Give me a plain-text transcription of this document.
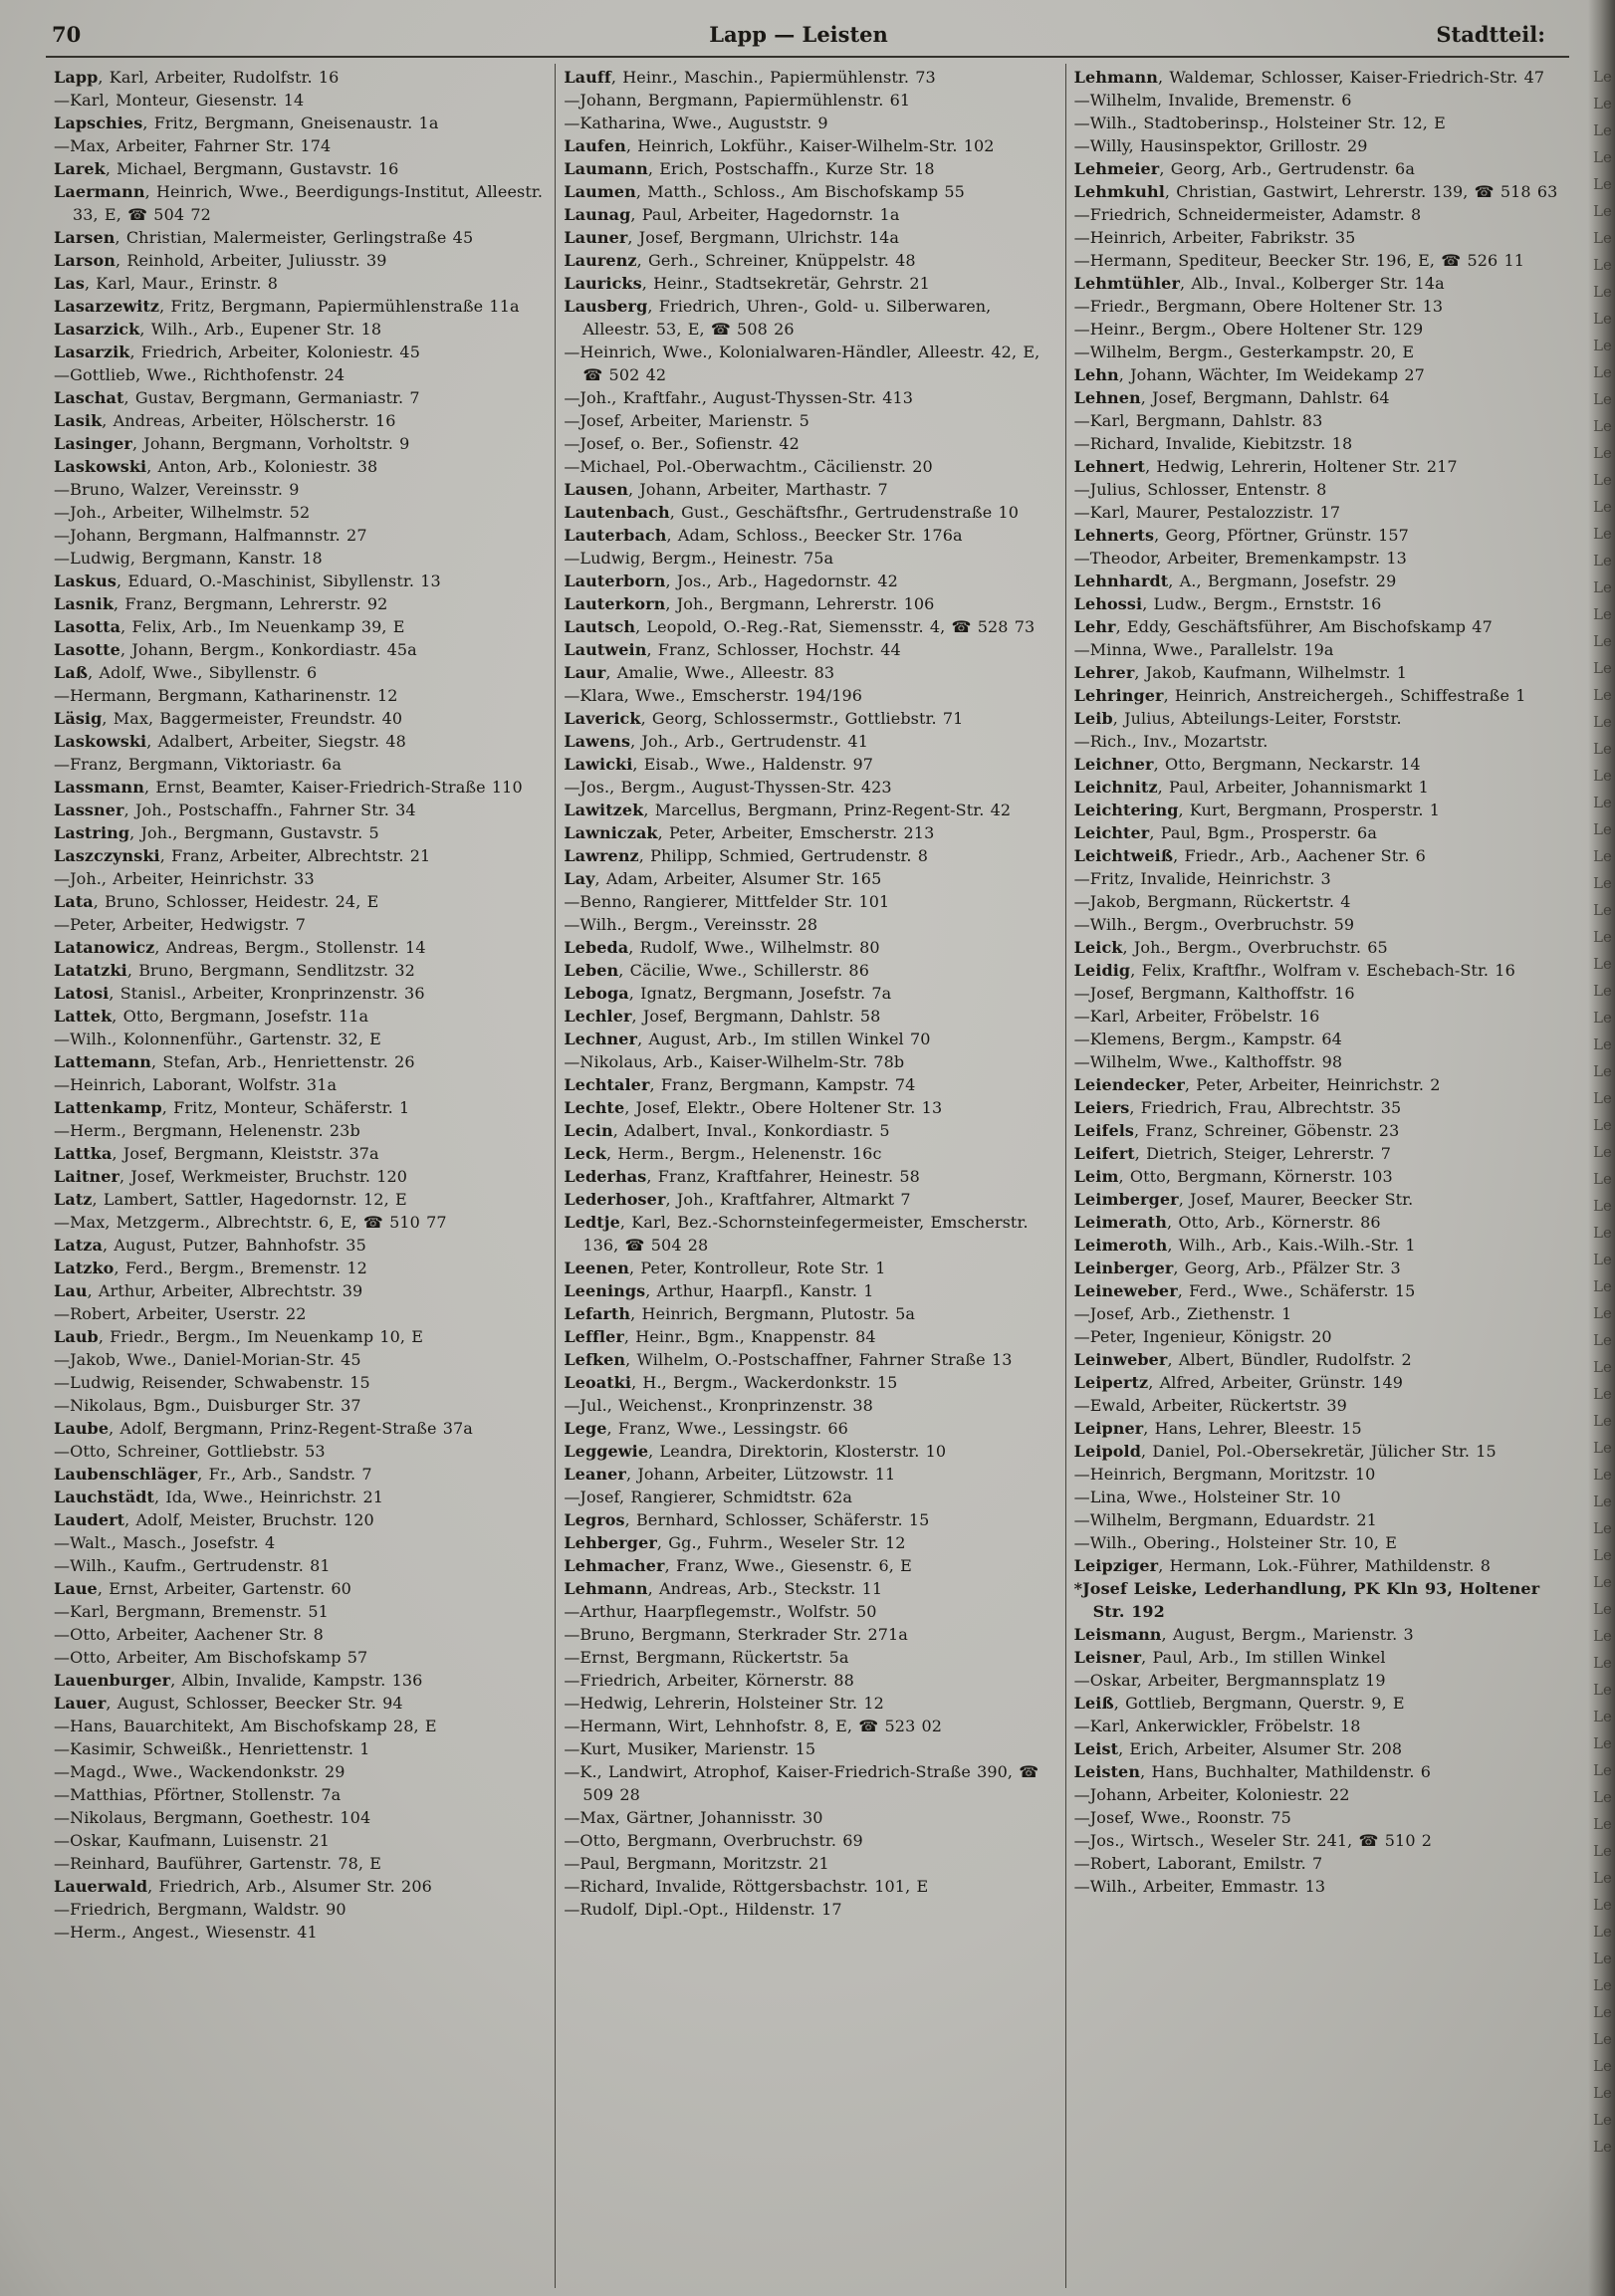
70	Lapp — Leisten	Stadtteil:

Lapp, Karl, Arbeiter, Rudolfstr. 16

—Karl, Monteur, Giesenstr. 14

Lapschies, Fritz, Bergmann, Gneisenaustr. 1a

—Max, Arbeiter, Fahrner Str. 174

Larek, Michael, Bergmann, Gustavstr. 16

Laermann, Heinrich, Wwe., Beerdigungs-Institut, Alleestr. 33, E, ☎ 504 72

Larsen, Christian, Malermeister, Gerlingstraße 45

Larson, Reinhold, Arbeiter, Juliusstr. 39

Las, Karl, Maur., Erinstr. 8

Lasarzewitz, Fritz, Bergmann, Papiermühlenstraße 11a

Lasarzick, Wilh., Arb., Eupener Str. 18

Lasarzik, Friedrich, Arbeiter, Koloniestr. 45

—Gottlieb, Wwe., Richthofenstr. 24

Laschat, Gustav, Bergmann, Germaniastr. 7

Lasik, Andreas, Arbeiter, Hölscherstr. 16

Lasinger, Johann, Bergmann, Vorholtstr. 9

Laskowski, Anton, Arb., Koloniestr. 38

—Bruno, Walzer, Vereinsstr. 9

—Joh., Arbeiter, Wilhelmstr. 52

—Johann, Bergmann, Halfmannstr. 27

—Ludwig, Bergmann, Kanstr. 18

Laskus, Eduard, O.-Maschinist, Sibyllenstr. 13

Lasnik, Franz, Bergmann, Lehrerstr. 92

Lasotta, Felix, Arb., Im Neuenkamp 39, E

Lasotte, Johann, Bergm., Konkordiastr. 45a

Laß, Adolf, Wwe., Sibyllenstr. 6

—Hermann, Bergmann, Katharinenstr. 12

Läsig, Max, Baggermeister, Freundstr. 40

Laskowski, Adalbert, Arbeiter, Siegstr. 48

—Franz, Bergmann, Viktoriastr. 6a

Lassmann, Ernst, Beamter, Kaiser-Friedrich-Straße 110

Lassner, Joh., Postschaffn., Fahrner Str. 34

Lastring, Joh., Bergmann, Gustavstr. 5

Laszczynski, Franz, Arbeiter, Albrechtstr. 21

—Joh., Arbeiter, Heinrichstr. 33

Lata, Bruno, Schlosser, Heidestr. 24, E

—Peter, Arbeiter, Hedwigstr. 7

Latanowicz, Andreas, Bergm., Stollenstr. 14

Latatzki, Bruno, Bergmann, Sendlitzstr. 32

Latosi, Stanisl., Arbeiter, Kronprinzenstr. 36

Lattek, Otto, Bergmann, Josefstr. 11a

—Wilh., Kolonnenführ., Gartenstr. 32, E

Lattemann, Stefan, Arb., Henriettenstr. 26

—Heinrich, Laborant, Wolfstr. 31a

Lattenkamp, Fritz, Monteur, Schäferstr. 1

—Herm., Bergmann, Helenenstr. 23b

Lattka, Josef, Bergmann, Kleiststr. 37a

Laitner, Josef, Werkmeister, Bruchstr. 120

Latz, Lambert, Sattler, Hagedornstr. 12, E

—Max, Metzgerm., Albrechtstr. 6, E, ☎ 510 77

Latza, August, Putzer, Bahnhofstr. 35

Latzko, Ferd., Bergm., Bremenstr. 12

Lau, Arthur, Arbeiter, Albrechtstr. 39

—Robert, Arbeiter, Userstr. 22

Laub, Friedr., Bergm., Im Neuenkamp 10, E

—Jakob, Wwe., Daniel-Morian-Str. 45

—Ludwig, Reisender, Schwabenstr. 15

—Nikolaus, Bgm., Duisburger Str. 37

Laube, Adolf, Bergmann, Prinz-Regent-Straße 37a

—Otto, Schreiner, Gottliebstr. 53

Laubenschläger, Fr., Arb., Sandstr. 7

Lauchstädt, Ida, Wwe., Heinrichstr. 21

Laudert, Adolf, Meister, Bruchstr. 120

—Walt., Masch., Josefstr. 4

—Wilh., Kaufm., Gertrudenstr. 81

Laue, Ernst, Arbeiter, Gartenstr. 60

—Karl, Bergmann, Bremenstr. 51

—Otto, Arbeiter, Aachener Str. 8

—Otto, Arbeiter, Am Bischofskamp 57

Lauenburger, Albin, Invalide, Kampstr. 136

Lauer, August, Schlosser, Beecker Str. 94

—Hans, Bauarchitekt, Am Bischofskamp 28, E

—Kasimir, Schweißk., Henriettenstr. 1

—Magd., Wwe., Wackendonkstr. 29

—Matthias, Pförtner, Stollenstr. 7a

—Nikolaus, Bergmann, Goethestr. 104

—Oskar, Kaufmann, Luisenstr. 21

—Reinhard, Bauführer, Gartenstr. 78, E

Lauerwald, Friedrich, Arb., Alsumer Str. 206

—Friedrich, Bergmann, Waldstr. 90

—Herm., Angest., Wiesenstr. 41

Lauff, Heinr., Maschin., Papiermühlenstr. 73

—Johann, Bergmann, Papiermühlenstr. 61

—Katharina, Wwe., Auguststr. 9

Laufen, Heinrich, Lokführ., Kaiser-Wilhelm-Str. 102

Laumann, Erich, Postschaffn., Kurze Str. 18

Laumen, Matth., Schloss., Am Bischofskamp 55

Launag, Paul, Arbeiter, Hagedornstr. 1a

Launer, Josef, Bergmann, Ulrichstr. 14a

Laurenz, Gerh., Schreiner, Knüppelstr. 48

Lauricks, Heinr., Stadtsekretär, Gehrstr. 21

Lausberg, Friedrich, Uhren-, Gold- u. Silberwaren, Alleestr. 53, E, ☎ 508 26

—Heinrich, Wwe., Kolonialwaren-Händler, Alleestr. 42, E, ☎ 502 42

—Joh., Kraftfahr., August-Thyssen-Str. 413

—Josef, Arbeiter, Marienstr. 5

—Josef, o. Ber., Sofienstr. 42

—Michael, Pol.-Oberwachtm., Cäcilienstr. 20

Lausen, Johann, Arbeiter, Marthastr. 7

Lautenbach, Gust., Geschäftsfhr., Gertrudenstraße 10

Lauterbach, Adam, Schloss., Beecker Str. 176a

—Ludwig, Bergm., Heinestr. 75a

Lauterborn, Jos., Arb., Hagedornstr. 42

Lauterkorn, Joh., Bergmann, Lehrerstr. 106

Lautsch, Leopold, O.-Reg.-Rat, Siemensstr. 4, ☎ 528 73

Lautwein, Franz, Schlosser, Hochstr. 44

Laur, Amalie, Wwe., Alleestr. 83

—Klara, Wwe., Emscherstr. 194/196

Laverick, Georg, Schlossermstr., Gottliebstr. 71

Lawens, Joh., Arb., Gertrudenstr. 41

Lawicki, Eisab., Wwe., Haldenstr. 97

—Jos., Bergm., August-Thyssen-Str. 423

Lawitzek, Marcellus, Bergmann, Prinz-Regent-Str. 42

Lawniczak, Peter, Arbeiter, Emscherstr. 213

Lawrenz, Philipp, Schmied, Gertrudenstr. 8

Lay, Adam, Arbeiter, Alsumer Str. 165

—Benno, Rangierer, Mittfelder Str. 101

—Wilh., Bergm., Vereinsstr. 28

Lebeda, Rudolf, Wwe., Wilhelmstr. 80

Leben, Cäcilie, Wwe., Schillerstr. 86

Leboga, Ignatz, Bergmann, Josefstr. 7a

Lechler, Josef, Bergmann, Dahlstr. 58

Lechner, August, Arb., Im stillen Winkel 70

—Nikolaus, Arb., Kaiser-Wilhelm-Str. 78b

Lechtaler, Franz, Bergmann, Kampstr. 74

Lechte, Josef, Elektr., Obere Holtener Str. 13

Lecin, Adalbert, Inval., Konkordiastr. 5

Leck, Herm., Bergm., Helenenstr. 16c

Lederhas, Franz, Kraftfahrer, Heinestr. 58

Lederhoser, Joh., Kraftfahrer, Altmarkt 7

Ledtje, Karl, Bez.-Schornsteinfegermeister, Emscherstr. 136, ☎ 504 28

Leenen, Peter, Kontrolleur, Rote Str. 1

Leenings, Arthur, Haarpfl., Kanstr. 1

Lefarth, Heinrich, Bergmann, Plutostr. 5a

Leffler, Heinr., Bgm., Knappenstr. 84

Lefken, Wilhelm, O.-Postschaffner, Fahrner Straße 13

Leoatki, H., Bergm., Wackerdonkstr. 15

—Jul., Weichenst., Kronprinzenstr. 38

Lege, Franz, Wwe., Lessingstr. 66

Leggewie, Leandra, Direktorin, Klosterstr. 10

Leaner, Johann, Arbeiter, Lützowstr. 11

—Josef, Rangierer, Schmidtstr. 62a

Legros, Bernhard, Schlosser, Schäferstr. 15

Lehberger, Gg., Fuhrm., Weseler Str. 12

Lehmacher, Franz, Wwe., Giesenstr. 6, E

Lehmann, Andreas, Arb., Steckstr. 11

—Arthur, Haarpflegemstr., Wolfstr. 50

—Bruno, Bergmann, Sterkrader Str. 271a

—Ernst, Bergmann, Rückertstr. 5a

—Friedrich, Arbeiter, Körnerstr. 88

—Hedwig, Lehrerin, Holsteiner Str. 12

—Hermann, Wirt, Lehnhofstr. 8, E, ☎ 523 02

—Kurt, Musiker, Marienstr. 15

—K., Landwirt, Atrophof, Kaiser-Friedrich-Straße 390, ☎ 509 28

—Max, Gärtner, Johannisstr. 30

—Otto, Bergmann, Overbruchstr. 69

—Paul, Bergmann, Moritzstr. 21

—Richard, Invalide, Röttgersbachstr. 101, E

—Rudolf, Dipl.-Opt., Hildenstr. 17

Lehmann, Waldemar, Schlosser, Kaiser-Friedrich-Str. 47

—Wilhelm, Invalide, Bremenstr. 6

—Wilh., Stadtoberinsp., Holsteiner Str. 12, E

—Willy, Hausinspektor, Grillostr. 29

Lehmeier, Georg, Arb., Gertrudenstr. 6a

Lehmkuhl, Christian, Gastwirt, Lehrerstr. 139, ☎ 518 63

—Friedrich, Schneidermeister, Adamstr. 8

—Heinrich, Arbeiter, Fabrikstr. 35

—Hermann, Spediteur, Beecker Str. 196, E, ☎ 526 11

Lehmtühler, Alb., Inval., Kolberger Str. 14a

—Friedr., Bergmann, Obere Holtener Str. 13

—Heinr., Bergm., Obere Holtener Str. 129

—Wilhelm, Bergm., Gesterkampstr. 20, E

Lehn, Johann, Wächter, Im Weidekamp 27

Lehnen, Josef, Bergmann, Dahlstr. 64

—Karl, Bergmann, Dahlstr. 83

—Richard, Invalide, Kiebitzstr. 18

Lehnert, Hedwig, Lehrerin, Holtener Str. 217

—Julius, Schlosser, Entenstr. 8

—Karl, Maurer, Pestalozzistr. 17

Lehnerts, Georg, Pförtner, Grünstr. 157

—Theodor, Arbeiter, Bremenkampstr. 13

Lehnhardt, A., Bergmann, Josefstr. 29

Lehossi, Ludw., Bergm., Ernststr. 16

Lehr, Eddy, Geschäftsführer, Am Bischofskamp 47

—Minna, Wwe., Parallelstr. 19a

Lehrer, Jakob, Kaufmann, Wilhelmstr. 1

Lehringer, Heinrich, Anstreichergeh., Schiffestraße 1

Leib, Julius, Abteilungs-Leiter, Forststr.

—Rich., Inv., Mozartstr.

Leichner, Otto, Bergmann, Neckarstr. 14

Leichnitz, Paul, Arbeiter, Johannismarkt 1

Leichtering, Kurt, Bergmann, Prosperstr. 1

Leichter, Paul, Bgm., Prosperstr. 6a

Leichtweiß, Friedr., Arb., Aachener Str. 6

—Fritz, Invalide, Heinrichstr. 3

—Jakob, Bergmann, Rückertstr. 4

—Wilh., Bergm., Overbruchstr. 59

Leick, Joh., Bergm., Overbruchstr. 65

Leidig, Felix, Kraftfhr., Wolfram v. Eschebach-Str. 16

—Josef, Bergmann, Kalthoffstr. 16

—Karl, Arbeiter, Fröbelstr. 16

—Klemens, Bergm., Kampstr. 64

—Wilhelm, Wwe., Kalthoffstr. 98

Leiendecker, Peter, Arbeiter, Heinrichstr. 2

Leiers, Friedrich, Frau, Albrechtstr. 35

Leifels, Franz, Schreiner, Göbenstr. 23

Leifert, Dietrich, Steiger, Lehrerstr. 7

Leim, Otto, Bergmann, Körnerstr. 103

Leimberger, Josef, Maurer, Beecker Str.

Leimerath, Otto, Arb., Körnerstr. 86

Leimeroth, Wilh., Arb., Kais.-Wilh.-Str. 1

Leinberger, Georg, Arb., Pfälzer Str. 3

Leineweber, Ferd., Wwe., Schäferstr. 15

—Josef, Arb., Ziethenstr. 1

—Peter, Ingenieur, Königstr. 20

Leinweber, Albert, Bündler, Rudolfstr. 2

Leipertz, Alfred, Arbeiter, Grünstr. 149

—Ewald, Arbeiter, Rückertstr. 39

Leipner, Hans, Lehrer, Bleestr. 15

Leipold, Daniel, Pol.-Obersekretär, Jülicher Str. 15

—Heinrich, Bergmann, Moritzstr. 10

—Lina, Wwe., Holsteiner Str. 10

—Wilhelm, Bergmann, Eduardstr. 21

—Wilh., Obering., Holsteiner Str. 10, E

Leipziger, Hermann, Lok.-Führer, Mathildenstr. 8

*Josef Leiske, Lederhandlung, PK Kln 93, Holtener Str. 192

Leismann, August, Bergm., Marienstr. 3

Leisner, Paul, Arb., Im stillen Winkel

—Oskar, Arbeiter, Bergmannsplatz 19

Leiß, Gottlieb, Bergmann, Querstr. 9, E

—Karl, Ankerwickler, Fröbelstr. 18

Leist, Erich, Arbeiter, Alsumer Str. 208

Leisten, Hans, Buchhalter, Mathildenstr. 6

—Johann, Arbeiter, Koloniestr. 22

—Josef, Wwe., Roonstr. 75

—Jos., Wirtsch., Weseler Str. 241, ☎ 510 2

—Robert, Laborant, Emilstr. 7

—Wilh., Arbeiter, Emmastr. 13

Le
Le
Le
Le
Le
Le
Le
Le
Le
Le
Le
Le
Le
Le
Le
Le
Le
Le
Le
Le
Le
Le
Le
Le
Le
Le
Le
Le
Le
Le
Le
Le
Le
Le
Le
Le
Le
Le
Le
Le
Le
Le
Le
Le
Le
Le
Le
Le
Le
Le
Le
Le
Le
Le
Le
Le
Le
Le
Le
Le
Le
Le
Le
Le
Le
Le
Le
Le
Le
Le
Le
Le
Le
Le
Le
Le
Le
Le
